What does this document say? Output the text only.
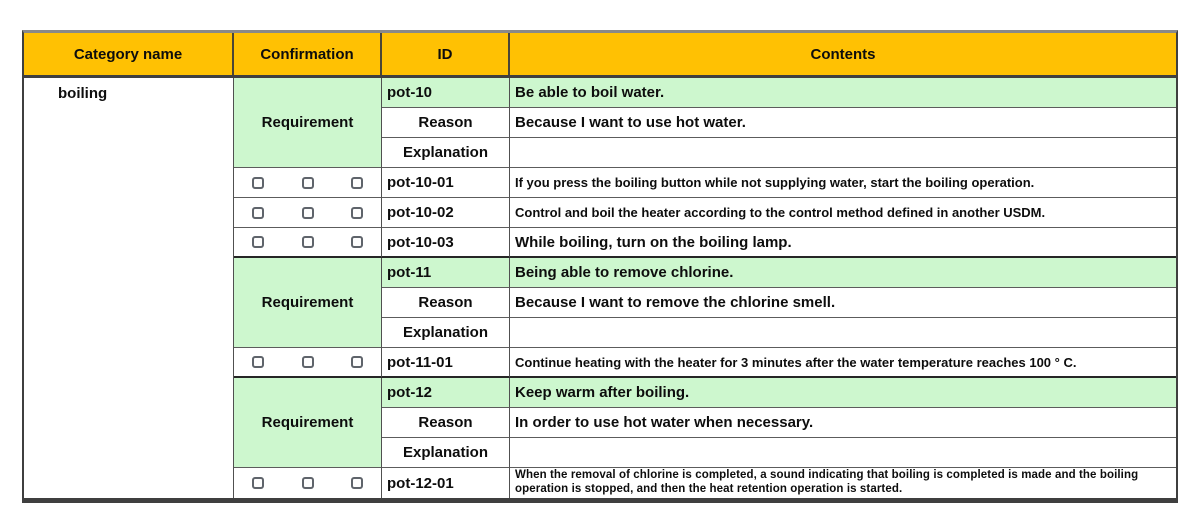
Category name	Confirmation	ID	Contents
boiling
Requirement
pot-10	Be able to boil water.
Reason	Because I want to use hot water.
Explanation
pot-10-01	If you press the boiling button while not supplying water, start the boiling operation.
pot-10-02	Control and boil the heater according to the control method defined in another USDM.
pot-10-03	While boiling, turn on the boiling lamp.
Requirement
pot-11	Being able to remove chlorine.
Reason	Because I want to remove the chlorine smell.
Explanation
pot-11-01	Continue heating with the heater for 3 minutes after the water temperature reaches 100 ° C.
Requirement
pot-12	Keep warm after boiling.
Reason	In order to use hot water when necessary.
Explanation
pot-12-01	When the removal of chlorine is completed, a sound indicating that boiling is completed is made and the boiling operation is stopped, and then the heat retention operation is started.
